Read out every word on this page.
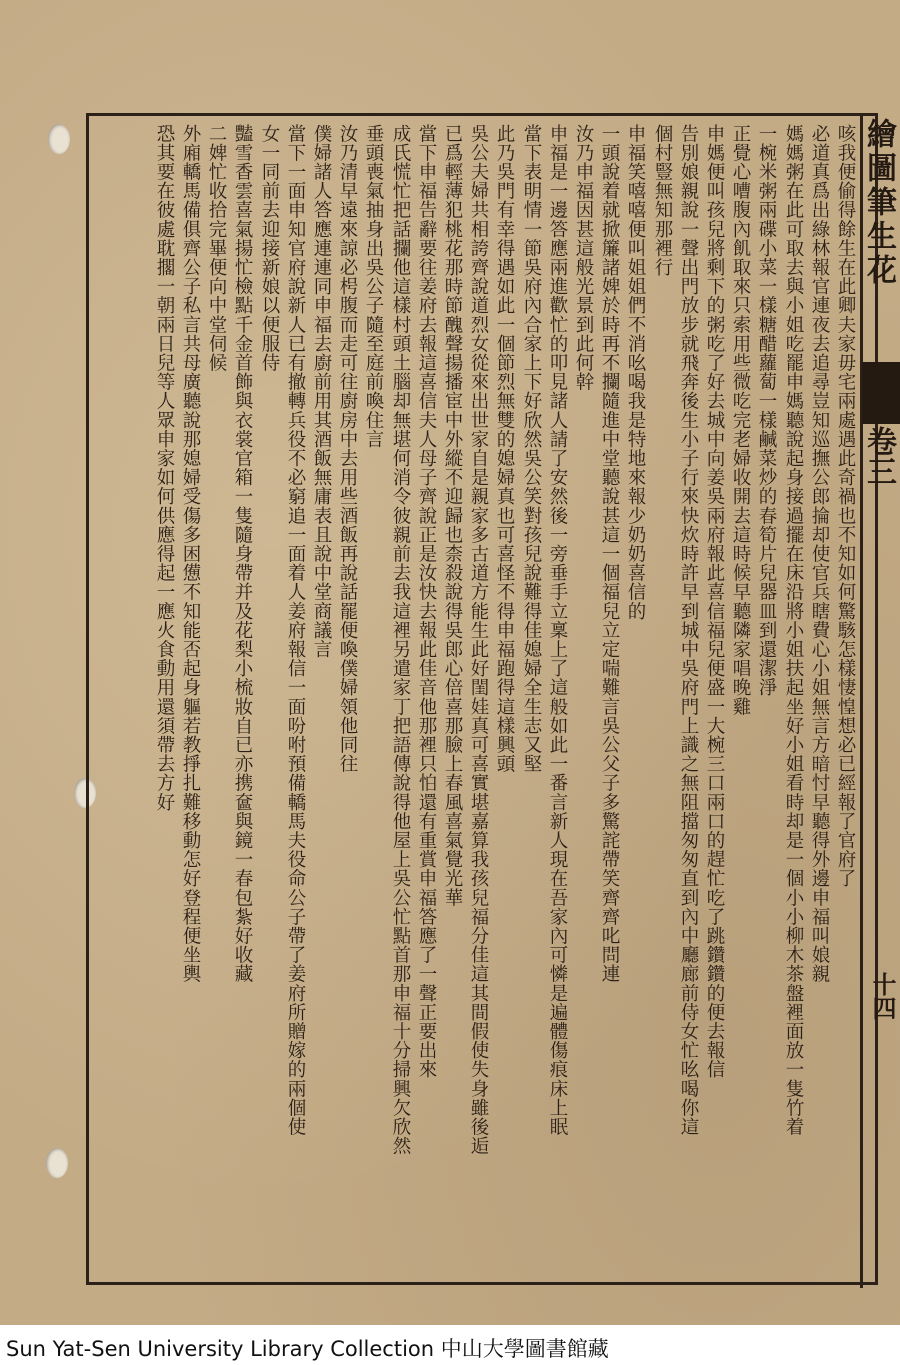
繪圖筆生花
卷三
十四
咳我便偷得餘生在此卿夫家毋宅兩處遇此奇禍也不知如何驚駭怎樣悽惶想必已經報了官府了
必道真爲出綠林報官連夜去追尋豈知巡撫公郎掄却使官兵瞎費心小姐無言方暗忖早聽得外邊申福叫娘親
媽媽粥在此可取去與小姐吃罷申媽聽說起身接過擺在床沿將小姐扶起坐好小姐看時却是一個小小柳木茶盤裡面放一隻竹着
一椀米粥兩碟小菜一樣糖醋蘿蔔一樣鹹菜炒的春筍片兒器皿到還潔淨
正覺心嘈腹內飢取來只索用些微吃完老婦收開去這時候早聽隣家唱晚雞
申媽便叫孩兒將剩下的粥吃了好去城中向姜吳兩府報此喜信福兒便盛一大椀三口兩口的趕忙吃了跳鑽鑽的便去報信
告別娘親說一聲出門放步就飛奔後生小子行來快炊時許早到城中吳府門上識之無阻擋匆匆直到內中廳廊前侍女忙吆喝你這
個村豎無知那裡行
申福笑嘻嘻便叫姐姐們不消吆喝我是特地來報少奶奶喜信的
一頭說着就掀簾諸婢於時再不攔隨進中堂聽說甚這一個福兒立定喘難言吳公父子多驚詫帶笑齊齊叱問連
汝乃申福因甚這般光景到此何幹
申福是一邊答應兩進歡忙的叩見諸人請了安然後一旁垂手立稟上了這般如此一番言新人現在吾家內可憐是遍體傷痕床上眠
當下表明情一節吳府內合家上下好欣然吳公笑對孩兒說難得佳媳婦全生志又堅
此乃吳門有幸得遇如此一個節烈無雙的媳婦真也可喜怪不得申福跑得這樣興頭
吳公夫婦共相誇齊說道烈女從來出世家自是親家多古道方能生此好閨娃真可喜實堪嘉算我孩兒福分佳這其間假使失身雖後逅
已爲輕薄犯桃花那時節醜聲揚播宦中外縱不迎歸也柰殺說得吳郎心倍喜那臉上春風喜氣覺光華
當下申福告辭要往姜府去報這喜信夫人母子齊說正是汝快去報此佳音他那裡只怕還有重賞申福答應了一聲正要出來
成氏慌忙把話攔他這樣村頭土腦却無堪何消令彼親前去我這裡另遣家丁把語傳說得他屋上吳公忙點首那申福十分掃興欠欣然
垂頭喪氣抽身出吳公子隨至庭前喚住言
汝乃清早遠來諒必枵腹而走可往廚房中去用些酒飯再說話罷便喚僕婦領他同往
僕婦諸人答應連連同申福去廚前用其酒飯無庸表且說中堂商議言
當下一面申知官府說新人已有撤轉兵役不必窮追一面着人姜府報信一面吩咐預備轎馬夫役命公子帶了姜府所贈嫁的兩個使
女一同前去迎接新娘以便服侍
豔雪香雲喜氣揚忙檢點千金首飾與衣裳官箱一隻隨身帶并及花梨小梳妝自已亦携奩與鏡一春包紮好收藏
二婢忙收拾完畢便向中堂伺候
外廂轎馬備俱齊公子私言共母廣聽說那媳婦受傷多困憊不知能否起身軀若教掙扎難移動怎好登程便坐輿
恐其要在彼處耽擱一朝兩日兒等人眾申家如何供應得起一應火食動用還須帶去方好
Sun Yat-Sen University Library Collection 中山大學圖書館藏
